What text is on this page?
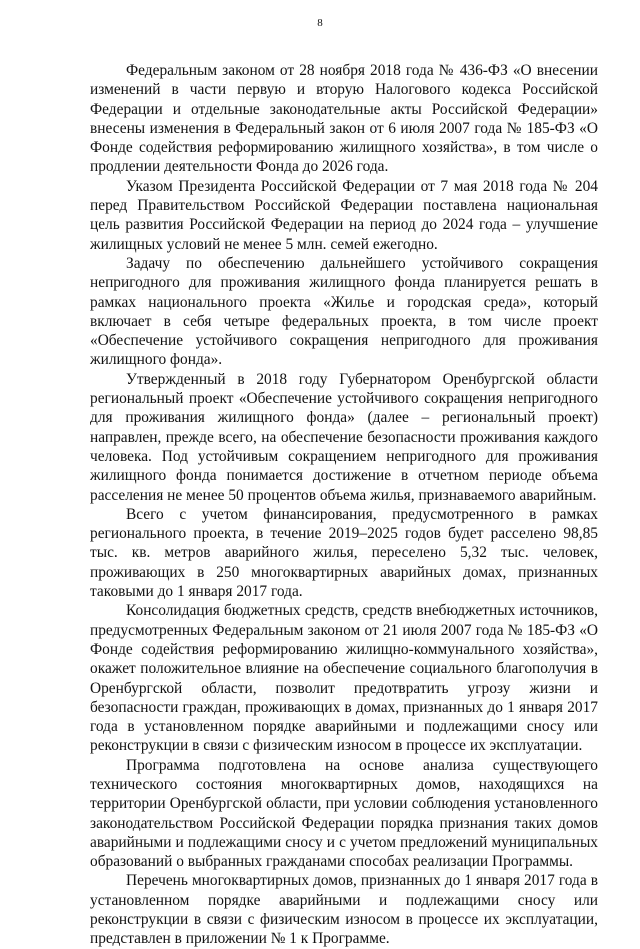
8

Федеральным законом от 28 ноября 2018 года № 436-ФЗ «О внесении изменений в части первую и вторую Налогового кодекса Российской Федерации и отдельные законодательные акты Российской Федерации» внесены изменения в Федеральный закон от 6 июля 2007 года № 185-ФЗ «О Фонде содействия реформированию жилищного хозяйства», в том числе о продлении деятельности Фонда до 2026 года.

Указом Президента Российской Федерации от 7 мая 2018 года № 204 перед Правительством Российской Федерации поставлена национальная цель развития Российской Федерации на период до 2024 года – улучшение жилищных условий не менее 5 млн. семей ежегодно.

Задачу по обеспечению дальнейшего устойчивого сокращения непригодного для проживания жилищного фонда планируется решать в рамках национального проекта «Жилье и городская среда», который включает в себя четыре федеральных проекта, в том числе проект «Обеспечение устойчивого сокращения непригодного для проживания жилищного фонда».

Утвержденный в 2018 году Губернатором Оренбургской области региональный проект «Обеспечение устойчивого сокращения непригодного для проживания жилищного фонда» (далее – региональный проект) направлен, прежде всего, на обеспечение безопасности проживания каждого человека. Под устойчивым сокращением непригодного для проживания жилищного фонда понимается достижение в отчетном периоде объема расселения не менее 50 процентов объема жилья, признаваемого аварийным.

Всего с учетом финансирования, предусмотренного в рамках регионального проекта, в течение 2019–2025 годов будет расселено 98,85 тыс. кв. метров аварийного жилья, переселено 5,32 тыс. человек, проживающих в 250 многоквартирных аварийных домах, признанных таковыми до 1 января 2017 года.

Консолидация бюджетных средств, средств внебюджетных источников, предусмотренных Федеральным законом от 21 июля 2007 года № 185-ФЗ «О Фонде содействия реформированию жилищно-коммунального хозяйства», окажет положительное влияние на обеспечение социального благополучия в Оренбургской области, позволит предотвратить угрозу жизни и безопасности граждан, проживающих в домах, признанных до 1 января 2017 года в установленном порядке аварийными и подлежащими сносу или реконструкции в связи с физическим износом в процессе их эксплуатации.

Программа подготовлена на основе анализа существующего технического состояния многоквартирных домов, находящихся на территории Оренбургской области, при условии соблюдения установленного законодательством Российской Федерации порядка признания таких домов аварийными и подлежащими сносу и с учетом предложений муниципальных образований о выбранных гражданами способах реализации Программы.

Перечень многоквартирных домов, признанных до 1 января 2017 года в установленном порядке аварийными и подлежащими сносу или реконструкции в связи с физическим износом в процессе их эксплуатации, представлен в приложении № 1 к Программе.
